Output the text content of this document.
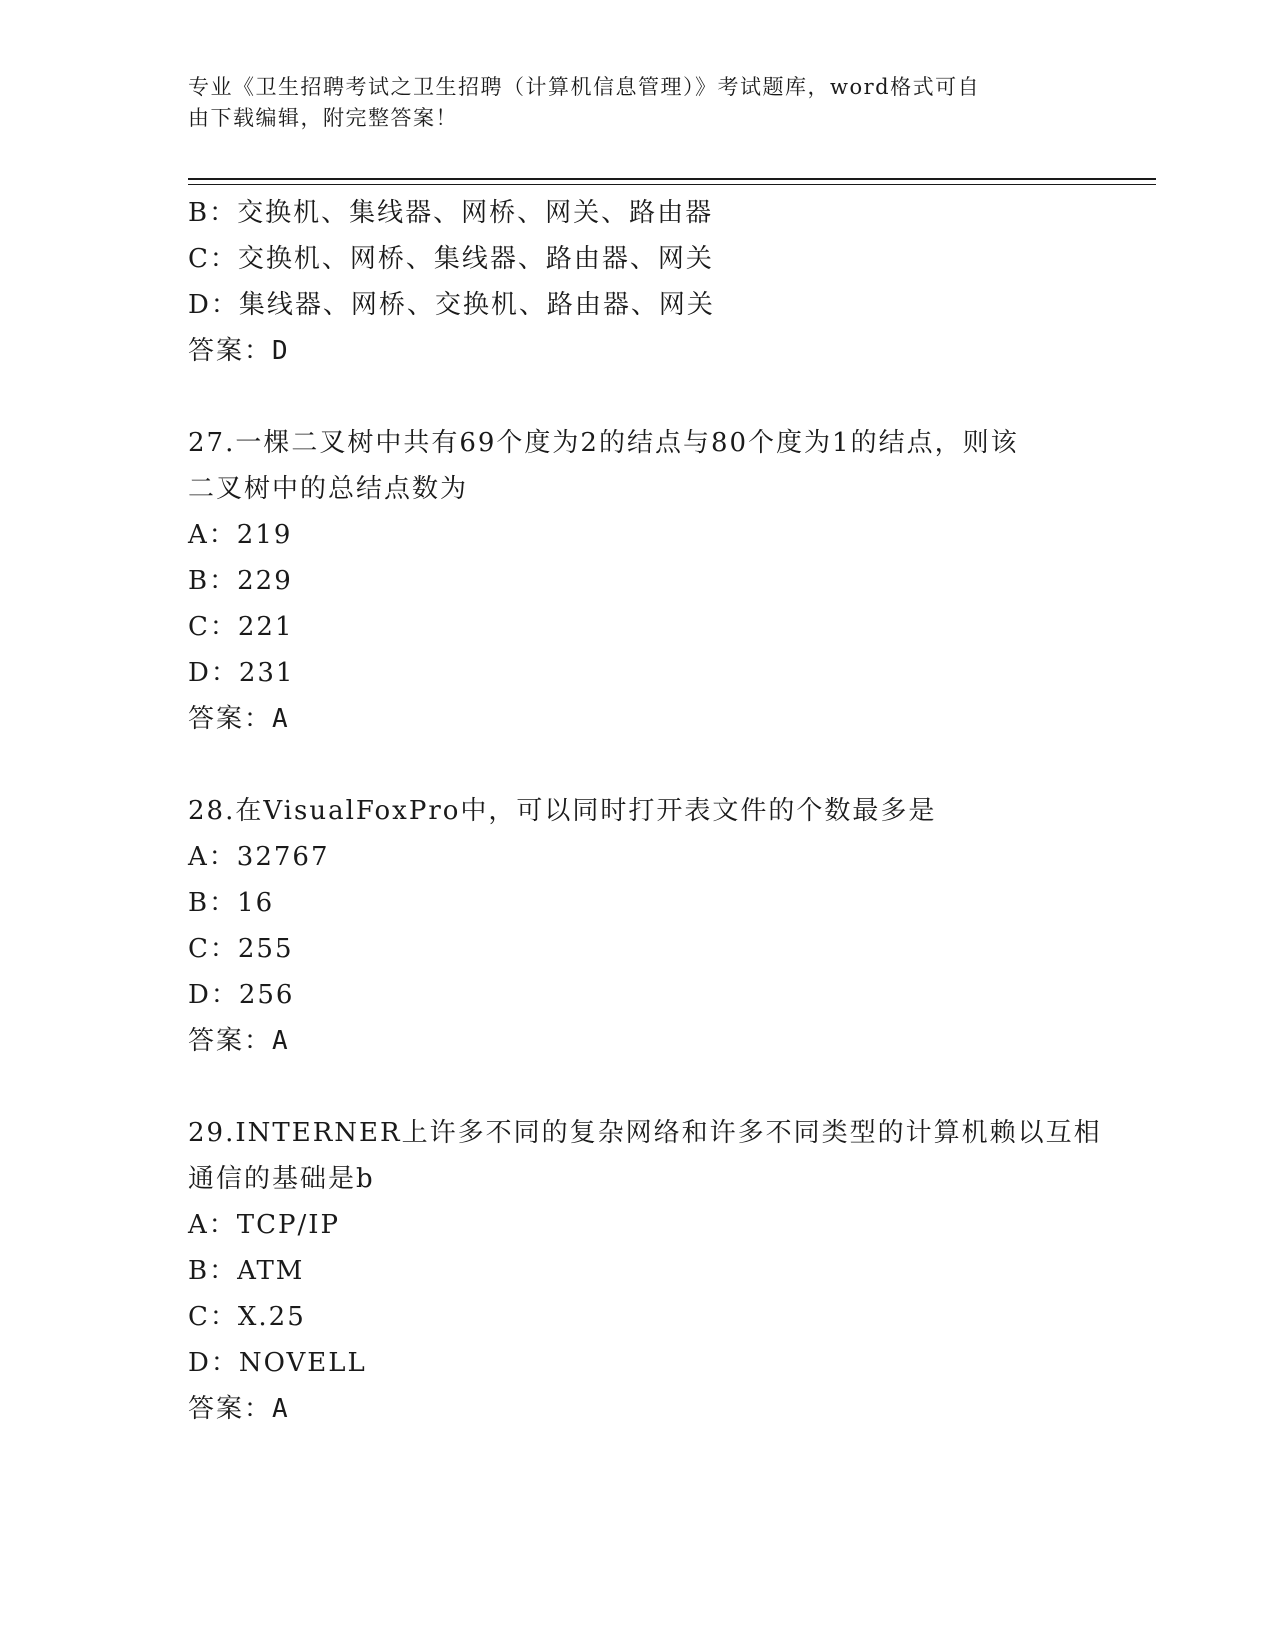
专业《卫生招聘考试之卫生招聘（计算机信息管理）》考试题库，word格式可自
由下载编辑，附完整答案！
B：交换机、集线器、网桥、网关、路由器
C：交换机、网桥、集线器、路由器、网关
D：集线器、网桥、交换机、路由器、网关
答案：D
27.一棵二叉树中共有69个度为2的结点与80个度为1的结点，则该
二叉树中的总结点数为
A：219
B：229
C：221
D：231
答案：A
28.在VisualFoxPro中，可以同时打开表文件的个数最多是
A：32767
B：16
C：255
D：256
答案：A
29.INTERNER上许多不同的复杂网络和许多不同类型的计算机赖以互相
通信的基础是b
A：TCP/IP
B：ATM
C：X.25
D：NOVELL
答案：A
